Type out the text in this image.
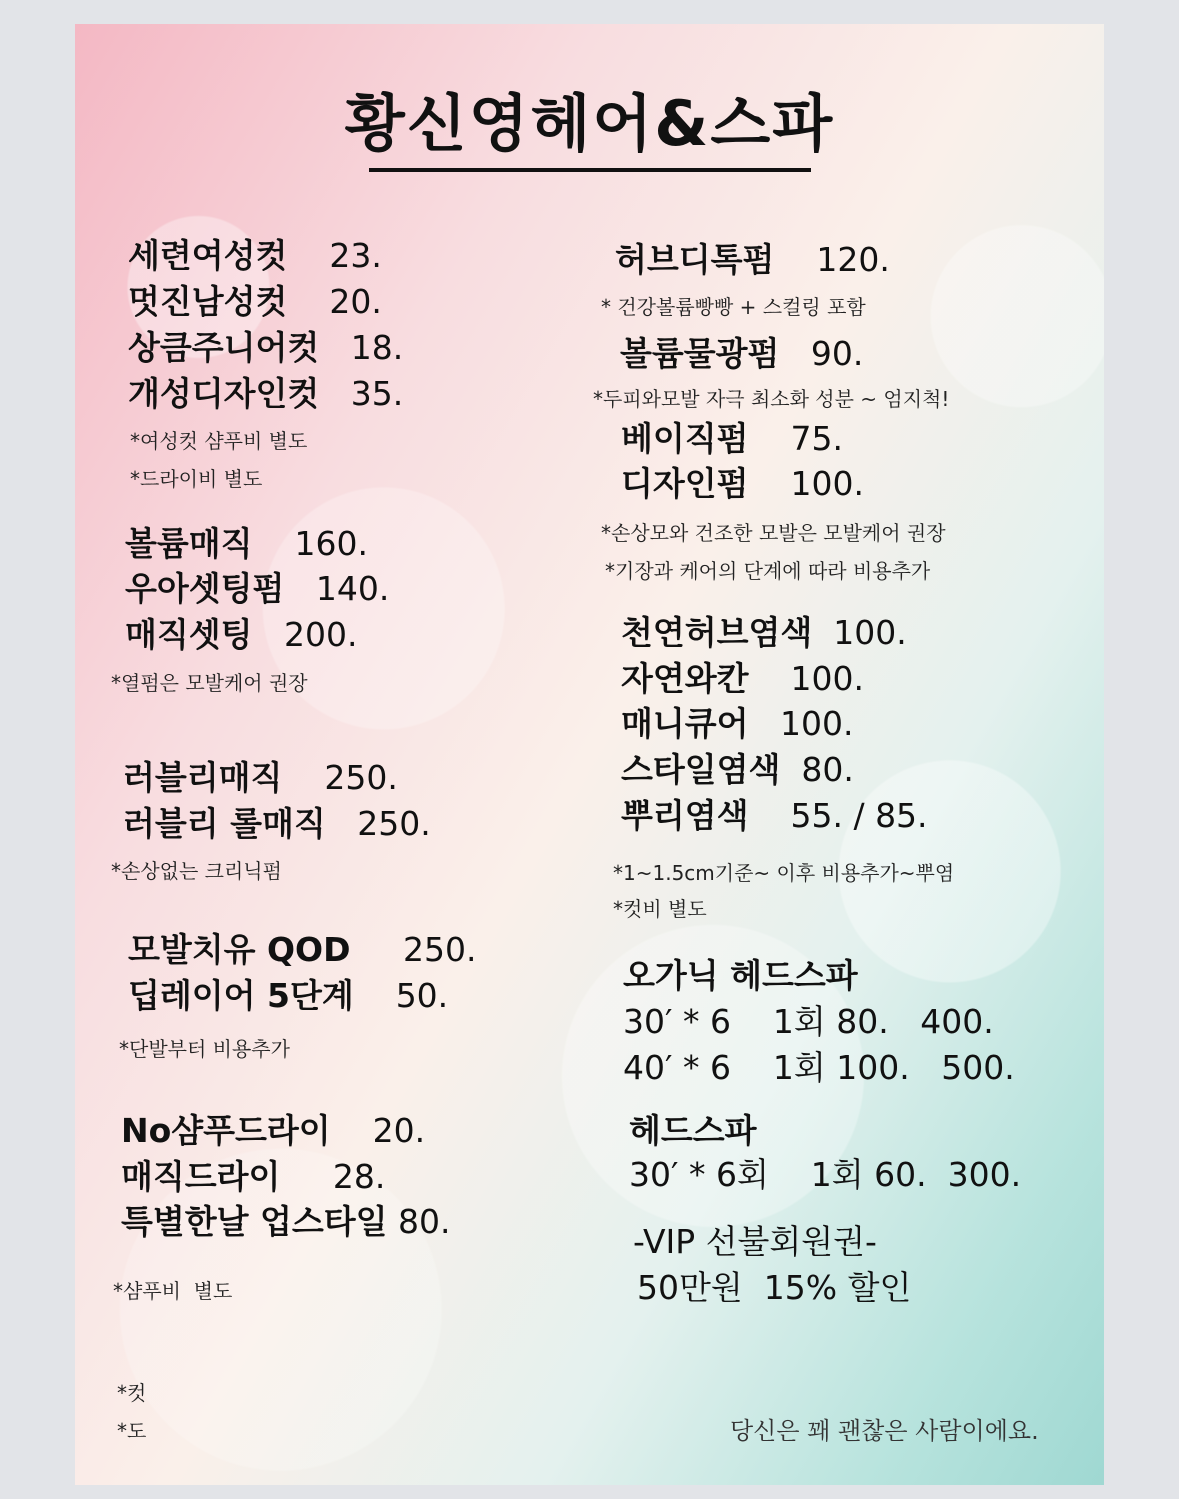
황신영헤어&스파
세련여성컷 23.
멋진남성컷 20.
상큼주니어컷 18.
개성디자인컷 35.
*여성컷 샴푸비 별도
*드라이비 별도
볼륨매직 160.
우아셋팅펌 140.
매직셋팅 200.
*열펌은 모발케어 권장
러블리매직 250.
러블리 롤매직 250.
*손상없는 크리닉펌
모발치유 QOD 250.
딥레이어 5단계 50.
*단발부터 비용추가
No샴푸드라이 20.
매직드라이 28.
특별한날 업스타일 80.
*샴푸비  별도
*컷
*도
허브디톡펌 120.
* 건강볼륨빵빵 + 스컬링 포함
볼륨물광펌 90.
*두피와모발 자극 최소화 성분 ~ 엄지척!
베이직펌 75.
디자인펌 100.
*손상모와 건조한 모발은 모발케어 권장
*기장과 케어의 단계에 따라 비용추가
천연허브염색 100.
자연와칸 100.
매니큐어 100.
스타일염색 80.
뿌리염색 55. / 85.
*1~1.5cm기준~ 이후 비용추가~뿌염
*컷비 별도
오가닉 헤드스파
30′ * 6    1회 80.   400.
40′ * 6    1회 100.   500.
헤드스파
30′ * 6회    1회 60.  300.
-VIP 선불회원권-
50만원  15% 할인
당신은 꽤 괜찮은 사람이에요.
